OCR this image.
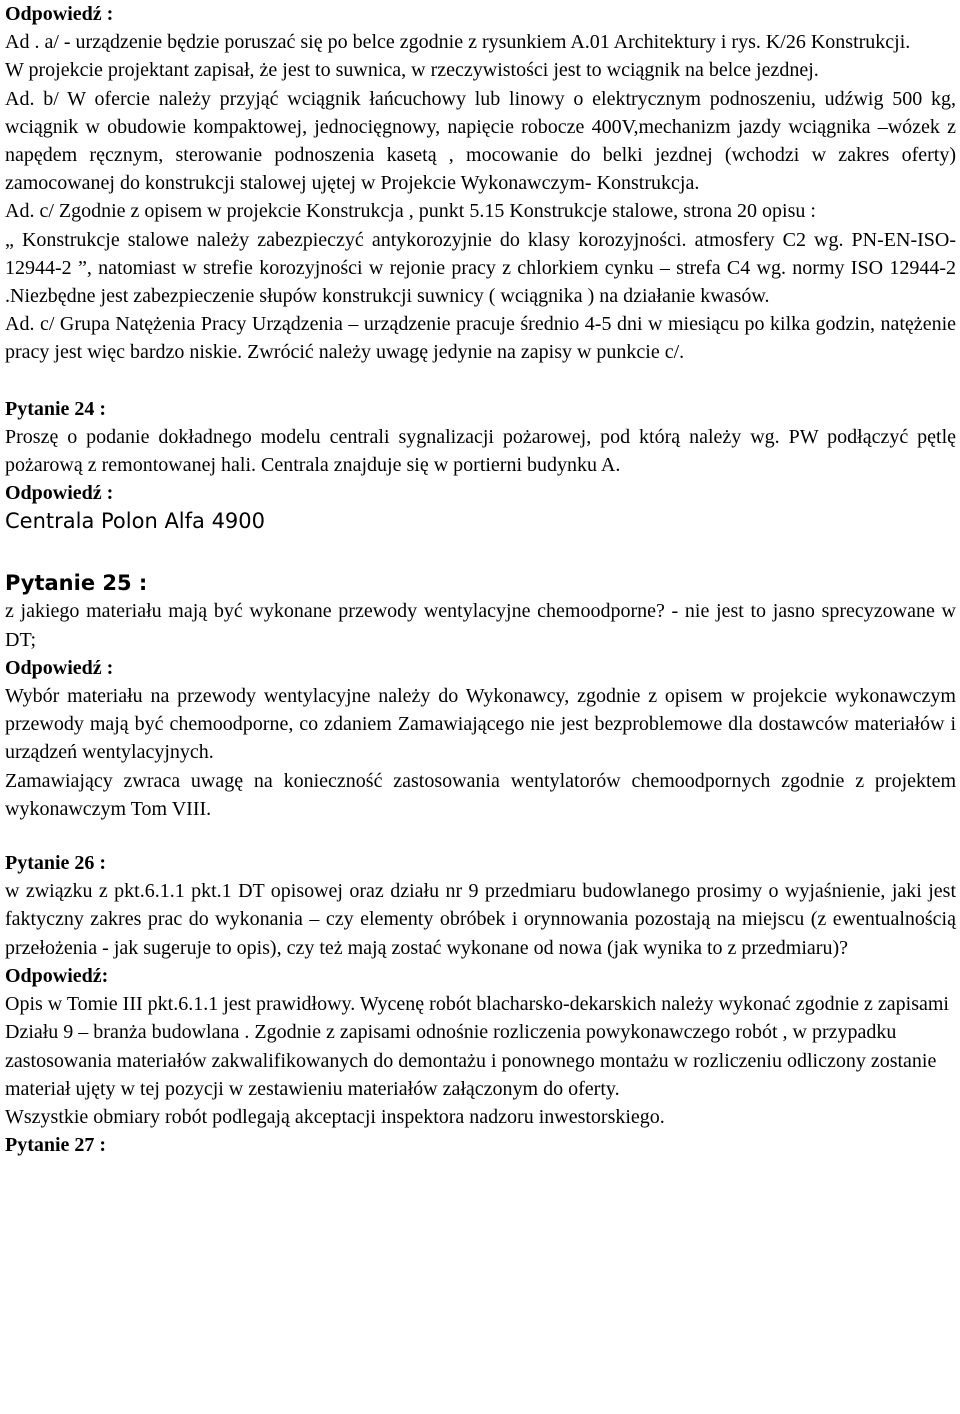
Odpowiedź :
Ad . a/ - urządzenie będzie poruszać się po belce zgodnie z rysunkiem A.01 Architektury i rys. K/26 Konstrukcji.
W projekcie projektant zapisał, że jest to suwnica, w rzeczywistości jest to wciągnik na belce jezdnej.
Ad. b/ W ofercie należy przyjąć wciągnik łańcuchowy lub linowy o elektrycznym podnoszeniu, udźwig 500 kg, wciągnik w obudowie kompaktowej, jednocięgnowy, napięcie robocze 400V,mechanizm jazdy wciągnika –wózek z napędem ręcznym, sterowanie podnoszenia kasetą , mocowanie do belki jezdnej (wchodzi w zakres oferty) zamocowanej do konstrukcji stalowej ujętej w Projekcie Wykonawczym- Konstrukcja.
Ad. c/ Zgodnie z opisem w projekcie Konstrukcja , punkt 5.15 Konstrukcje stalowe, strona 20 opisu :
„ Konstrukcje stalowe należy zabezpieczyć antykorozyjnie do klasy korozyjności. atmosfery C2 wg. PN-EN-ISO-12944-2 ”, natomiast w strefie korozyjności w rejonie pracy z chlorkiem cynku – strefa C4 wg. normy ISO 12944-2 .Niezbędne jest zabezpieczenie słupów konstrukcji suwnicy ( wciągnika ) na działanie kwasów.
Ad. c/ Grupa Natężenia Pracy Urządzenia – urządzenie pracuje średnio 4-5 dni w miesiącu po kilka godzin, natężenie pracy jest więc bardzo niskie. Zwrócić należy uwagę jedynie na zapisy w punkcie c/.
Pytanie 24 :
Proszę o podanie dokładnego modelu centrali sygnalizacji pożarowej, pod którą należy wg. PW podłączyć pętlę pożarową z remontowanej hali. Centrala znajduje się w portierni budynku A.
Odpowiedź :
Centrala Polon Alfa 4900
Pytanie 25 :
z jakiego materiału mają być wykonane przewody wentylacyjne chemoodporne? - nie jest to jasno sprecyzowane w DT;
Odpowiedź :
Wybór materiału na przewody wentylacyjne należy do Wykonawcy, zgodnie z opisem w projekcie wykonawczym przewody mają być chemoodporne, co zdaniem Zamawiającego nie jest bezproblemowe dla dostawców materiałów i urządzeń wentylacyjnych.
Zamawiający zwraca uwagę na konieczność zastosowania wentylatorów chemoodpornych zgodnie z projektem wykonawczym Tom VIII.
Pytanie 26 :
w związku z pkt.6.1.1 pkt.1 DT opisowej oraz działu nr 9 przedmiaru budowlanego prosimy o wyjaśnienie, jaki jest faktyczny zakres prac do wykonania – czy elementy obróbek i orynnowania pozostają na miejscu (z ewentualnością przełożenia - jak sugeruje to opis), czy też mają zostać wykonane od nowa (jak wynika to z przedmiaru)?
Odpowiedź:
Opis w Tomie III pkt.6.1.1 jest prawidłowy. Wycenę robót blacharsko-dekarskich należy wykonać zgodnie z zapisami Działu 9 – branża budowlana . Zgodnie z zapisami odnośnie rozliczenia powykonawczego robót , w przypadku zastosowania materiałów zakwalifikowanych do demontażu i ponownego montażu w rozliczeniu odliczony zostanie materiał ujęty w tej pozycji w zestawieniu materiałów załączonym do oferty.
Wszystkie obmiary robót podlegają akceptacji inspektora nadzoru inwestorskiego.
Pytanie 27 :
